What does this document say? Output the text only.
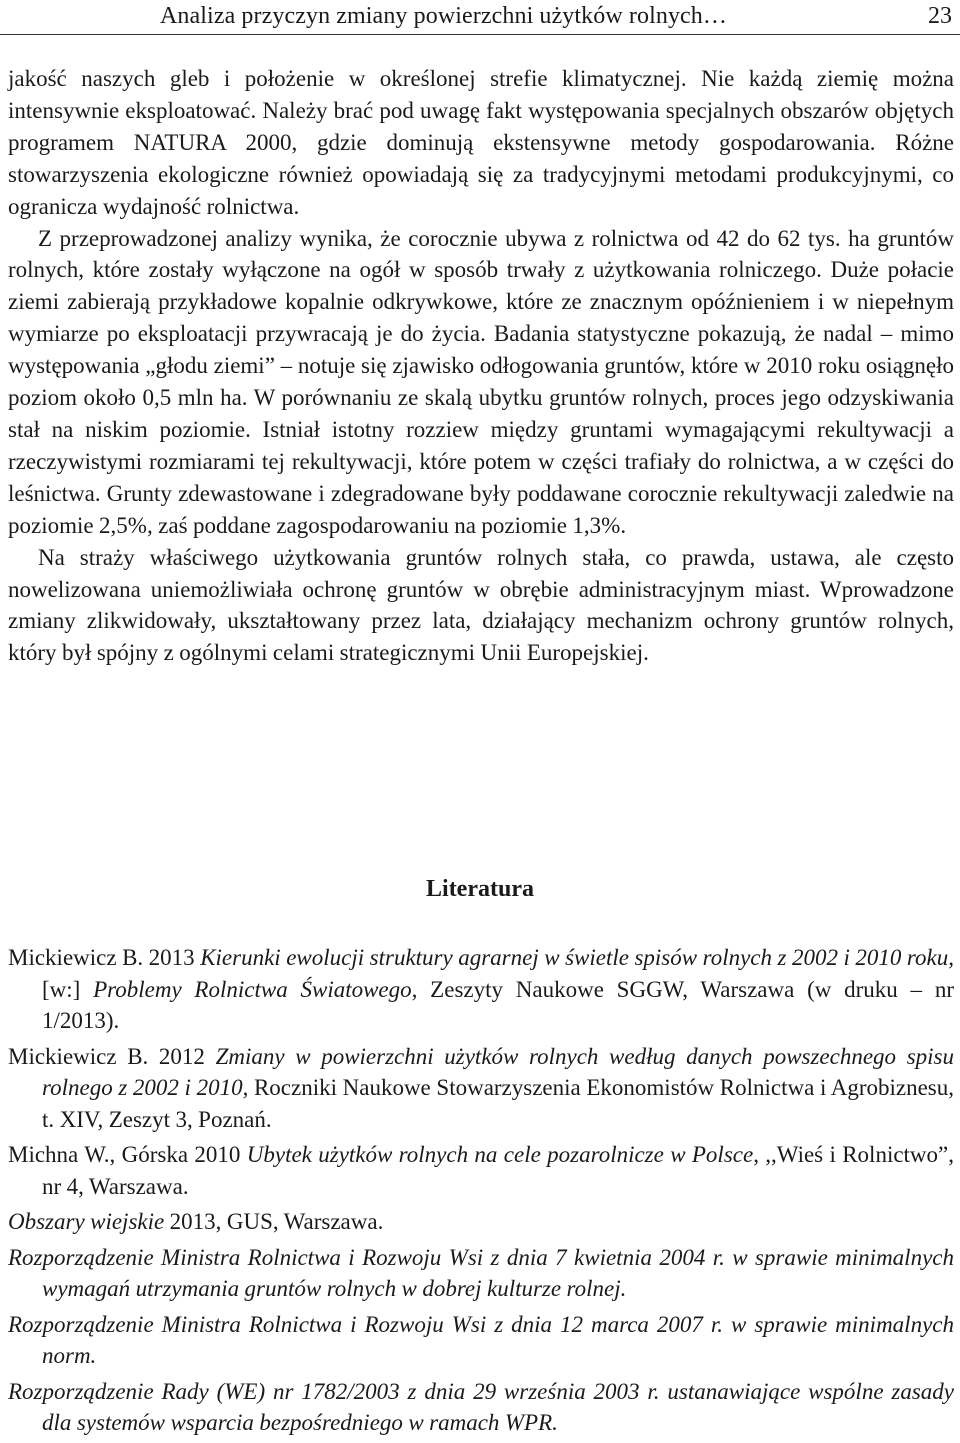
Analiza przyczyn zmiany powierzchni użytków rolnych…	23

jakość naszych gleb i położenie w określonej strefie klimatycznej. Nie każdą ziemię można intensywnie eksploatować. Należy brać pod uwagę fakt występowania specjalnych obszarów objętych programem NATURA 2000, gdzie dominują ekstensywne metody gospodarowania. Różne stowarzyszenia ekologiczne również opowiadają się za tradycyjnymi metodami produkcyjnymi, co ogranicza wydajność rolnictwa.

Z przeprowadzonej analizy wynika, że corocznie ubywa z rolnictwa od 42 do 62 tys. ha gruntów rolnych, które zostały wyłączone na ogół w sposób trwały z użytkowania rolniczego. Duże połacie ziemi zabierają przykładowe kopalnie odkrywkowe, które ze znacznym opóźnieniem i w niepełnym wymiarze po eksploatacji przywracają je do życia. Badania statystyczne pokazują, że nadal – mimo występowania „głodu ziemi” – notuje się zjawisko odłogowania gruntów, które w 2010 roku osiągnęło poziom około 0,5 mln ha. W porównaniu ze skalą ubytku gruntów rolnych, proces jego odzyskiwania stał na niskim poziomie. Istniał istotny rozziew między gruntami wymagającymi rekultywacji a rzeczywistymi rozmiarami tej rekultywacji, które potem w części trafiały do rolnictwa, a w części do leśnictwa. Grunty zdewastowane i zdegradowane były poddawane corocznie rekultywacji zaledwie na poziomie 2,5%, zaś poddane zagospodarowaniu na poziomie 1,3%.

Na straży właściwego użytkowania gruntów rolnych stała, co prawda, ustawa, ale często nowelizowana uniemożliwiała ochronę gruntów w obrębie administracyjnym miast. Wprowadzone zmiany zlikwidowały, ukształtowany przez lata, działający mechanizm ochrony gruntów rolnych, który był spójny z ogólnymi celami strategicznymi Unii Europejskiej.

Literatura

Mickiewicz B. 2013 Kierunki ewolucji struktury agrarnej w świetle spisów rolnych z 2002 i 2010 roku, [w:] Problemy Rolnictwa Światowego, Zeszyty Naukowe SGGW, Warszawa (w druku – nr 1/2013).

Mickiewicz B. 2012 Zmiany w powierzchni użytków rolnych według danych powszechnego spisu rolnego z 2002 i 2010, Roczniki Naukowe Stowarzyszenia Ekonomistów Rolnictwa i Agrobiznesu, t. XIV, Zeszyt 3, Poznań.

Michna W., Górska 2010 Ubytek użytków rolnych na cele pozarolnicze w Polsce, ,,Wieś i Rolnictwo”, nr 4, Warszawa.

Obszary wiejskie 2013, GUS, Warszawa.

Rozporządzenie Ministra Rolnictwa i Rozwoju Wsi z dnia 7 kwietnia 2004 r. w sprawie minimalnych wymagań utrzymania gruntów rolnych w dobrej kulturze rolnej.

Rozporządzenie Ministra Rolnictwa i Rozwoju Wsi z dnia 12 marca 2007 r. w sprawie minimalnych norm.

Rozporządzenie Rady (WE) nr 1782/2003 z dnia 29 września 2003 r. ustanawiające wspólne zasady dla systemów wsparcia bezpośredniego w ramach WPR.
